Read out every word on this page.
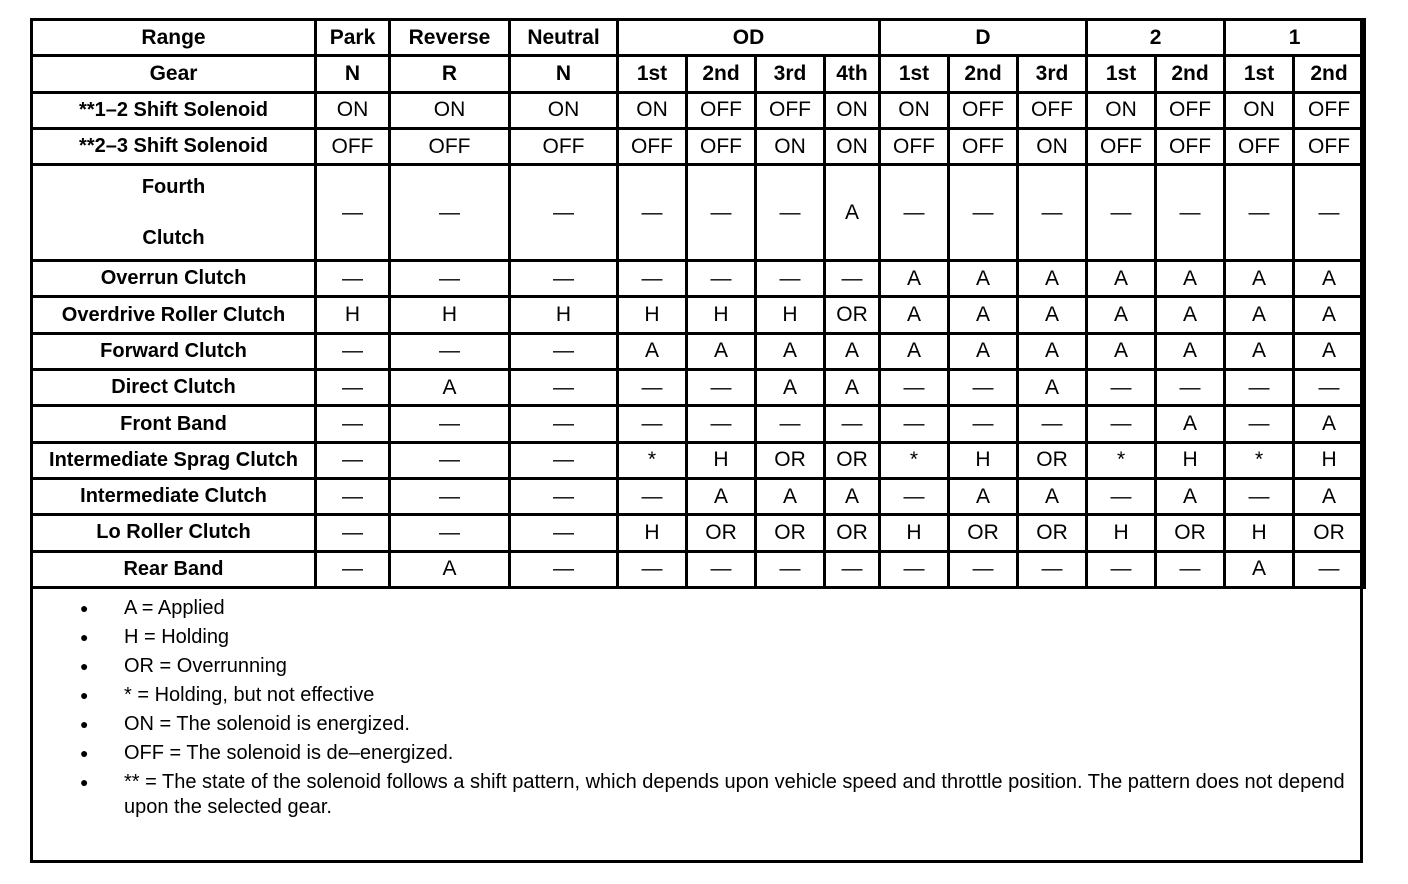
Range	Park	Reverse	Neutral	OD				D			2		1	
Gear	N	R	N	1st	2nd	3rd	4th	1st	2nd	3rd	1st	2nd	1st	2nd
**1–2 Shift Solenoid	ON	ON	ON	ON	OFF	OFF	ON	ON	OFF	OFF	ON	OFF	ON	OFF
**2–3 Shift Solenoid	OFF	OFF	OFF	OFF	OFF	ON	ON	OFF	OFF	ON	OFF	OFF	OFF	OFF

Fourth
Clutch	—	—	—	—	—	—	A	—	—	—	—	—	—	—
Overrun Clutch	—	—	—	—	—	—	—	A	A	A	A	A	A	A
Overdrive Roller Clutch	H	H	H	H	H	H	OR	A	A	A	A	A	A	A
Forward Clutch	—	—	—	A	A	A	A	A	A	A	A	A	A	A
Direct Clutch	—	A	—	—	—	A	A	—	—	A	—	—	—	—
Front Band	—	—	—	—	—	—	—	—	—	—	—	A	—	A
Intermediate Sprag Clutch	—	—	—	*	H	OR	OR	*	H	OR	*	H	*	H
Intermediate Clutch	—	—	—	—	A	A	A	—	A	A	—	A	—	A
Lo Roller Clutch	—	—	—	H	OR	OR	OR	H	OR	OR	H	OR	H	OR
Rear Band	—	A	—	—	—	—	—	—	—	—	—	—	A	—
● A = Applied
● H = Holding
● OR = Overrunning
● * = Holding, but not effective
● ON = The solenoid is energized.
● OFF = The solenoid is de–energized.
● ** = The state of the solenoid follows a shift pattern, which depends upon vehicle speed and throttle position. The pattern does not depend upon the selected gear.
